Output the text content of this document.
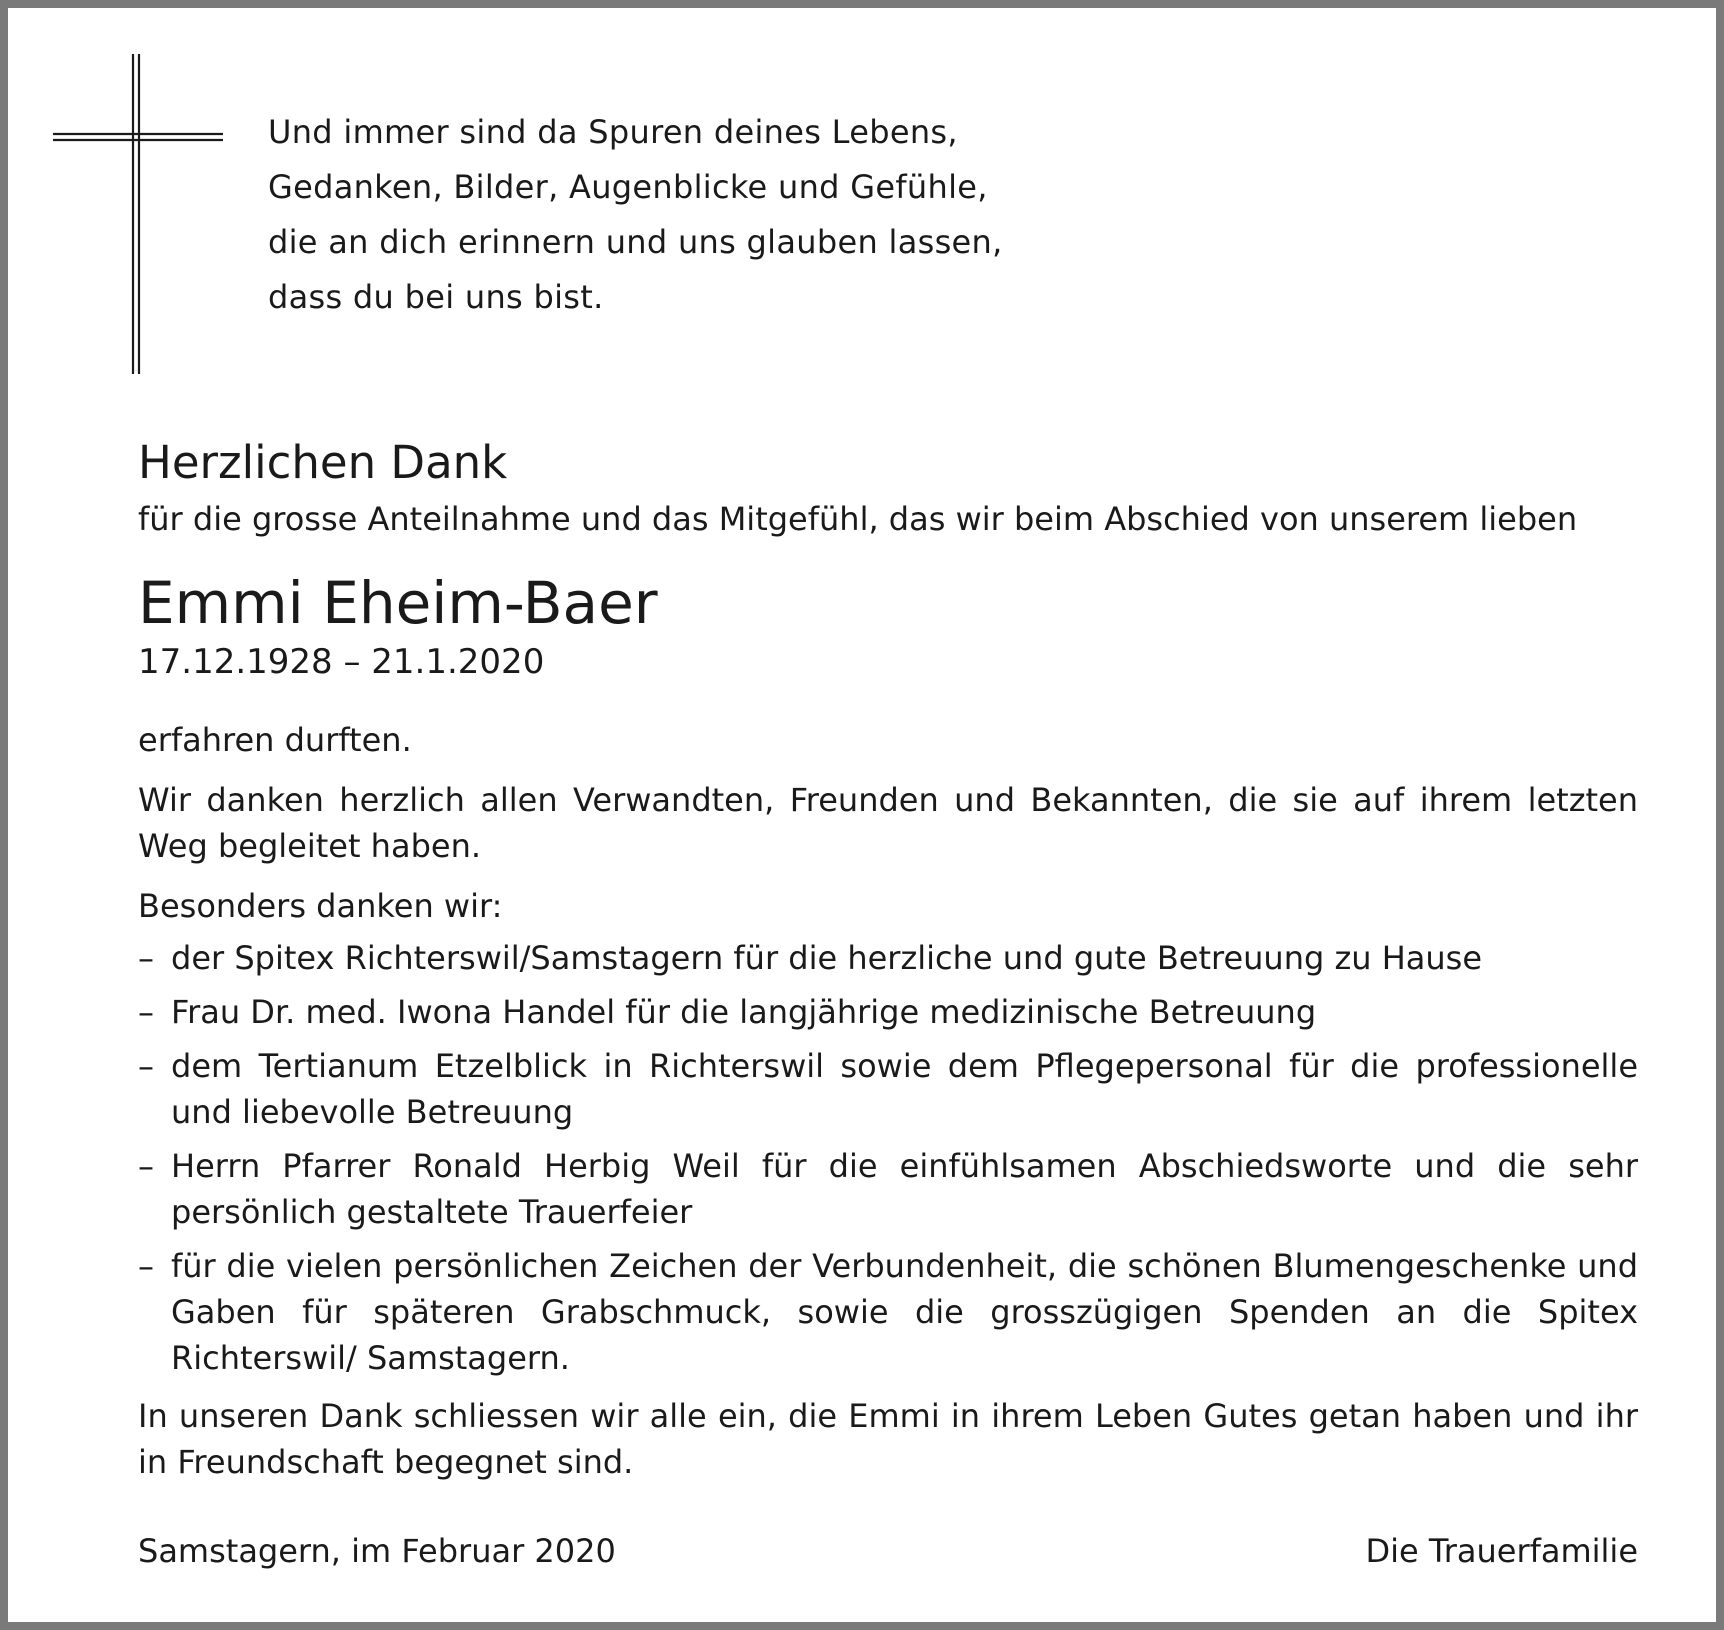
Und immer sind da Spuren deines Lebens,
Gedanken, Bilder, Augenblicke und Gefühle,
die an dich erinnern und uns glauben lassen,
dass du bei uns bist.
Herzlichen Dank
für die grosse Anteilnahme und das Mitgefühl, das wir beim Abschied von unserem lieben
Emmi Eheim-Baer
17.12.1928 – 21.1.2020
erfahren durften.
Wir danken herzlich allen Verwandten, Freunden und Bekannten, die sie auf ihrem letzten Weg begleitet haben.
Besonders danken wir:
– der Spitex Richterswil/Samstagern für die herzliche und gute Betreuung zu Hause
– Frau Dr. med. Iwona Handel für die langjährige medizinische Betreuung
– dem Tertianum Etzelblick in Richterswil sowie dem Pflegepersonal für die professionelle und liebevolle Betreuung
– Herrn Pfarrer Ronald Herbig Weil für die einfühlsamen Abschiedsworte und die sehr persönlich gestaltete Trauerfeier
– für die vielen persönlichen Zeichen der Verbundenheit, die schönen Blumengeschenke und Gaben für späteren Grabschmuck, sowie die grosszügigen Spenden an die Spitex Richterswil/ Samstagern.
In unseren Dank schliessen wir alle ein, die Emmi in ihrem Leben Gutes getan haben und ihr in Freundschaft begegnet sind.
Samstagern, im Februar 2020	Die Trauerfamilie
